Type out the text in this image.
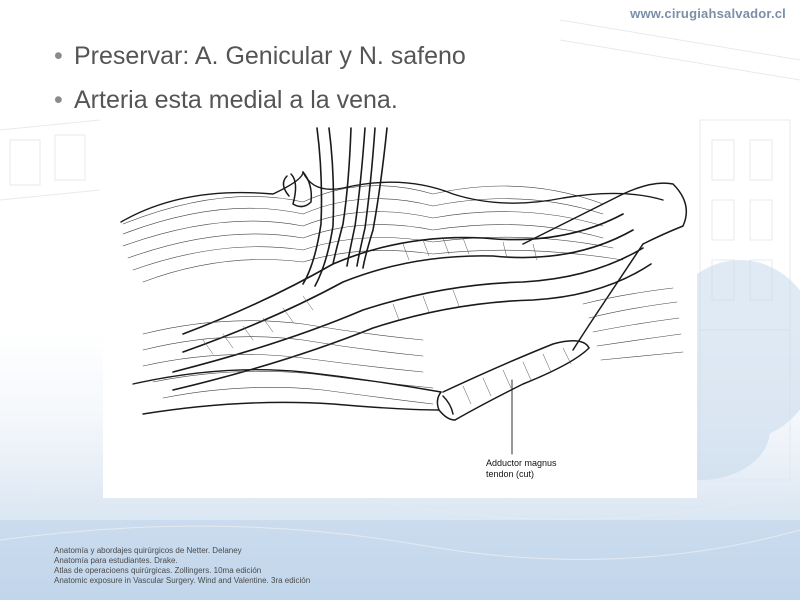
www.cirugiahsalvador.cl
• Preservar: A. Genicular y N. safeno
• Arteria esta medial a la vena.
Adductor magnus
tendon (cut)
Anatomía y abordajes quirúrgicos de Netter. Delaney
Anatomía para estudiantes. Drake.
Atlas de operacioens quirúrgicas. Zollingers. 10ma edición
Anatomic exposure in Vascular Surgery. Wind and Valentine. 3ra edición
